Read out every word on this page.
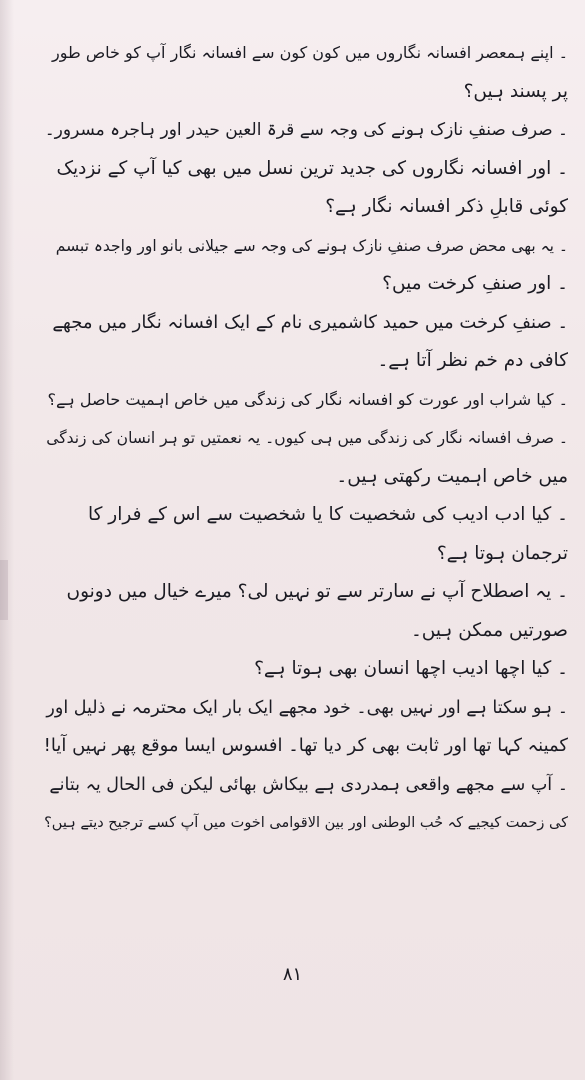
۔ اپنے ہمعصر افسانہ نگاروں میں کون کون سے افسانہ نگار آپ کو خاص طور
پر پسند ہیں؟
۔ صرف صنفِ نازک ہونے کی وجہ سے قرۃ العین حیدر اور ہاجرہ مسرور۔
۔ اور افسانہ نگاروں کی جدید ترین نسل میں بھی کیا آپ کے نزدیک
کوئی قابلِ ذکر افسانہ نگار ہے؟
۔ یہ بھی محض صرف صنفِ نازک ہونے کی وجہ سے جیلانی بانو اور واجدہ تبسم
۔ اور صنفِ کرخت میں؟
۔ صنفِ کرخت میں حمید کاشمیری نام کے ایک افسانہ نگار میں مجھے
کافی دم خم نظر آتا ہے۔
۔ کیا شراب اور عورت کو افسانہ نگار کی زندگی میں خاص اہمیت حاصل ہے؟
۔ صرف افسانہ نگار کی زندگی میں ہی کیوں۔ یہ نعمتیں تو ہر انسان کی زندگی
میں خاص اہمیت رکھتی ہیں۔
۔ کیا ادب ادیب کی شخصیت کا یا شخصیت سے اس کے فرار کا
ترجمان ہوتا ہے؟
۔ یہ اصطلاح آپ نے سارتر سے تو نہیں لی؟ میرے خیال میں دونوں
صورتیں ممکن ہیں۔
۔ کیا اچھا ادیب اچھا انسان بھی ہوتا ہے؟
۔ ہو سکتا ہے اور نہیں بھی۔ خود مجھے ایک بار ایک محترمہ نے ذلیل اور
کمینہ کہا تھا اور ثابت بھی کر دیا تھا۔ افسوس ایسا موقع پھر نہیں آیا!
۔ آپ سے مجھے واقعی ہمدردی ہے بیکاش بھائی لیکن فی الحال یہ بتانے
کی زحمت کیجیے کہ حُب الوطنی اور بین الاقوامی اخوت میں آپ کسے ترجیح دیتے ہیں؟
۸۱
